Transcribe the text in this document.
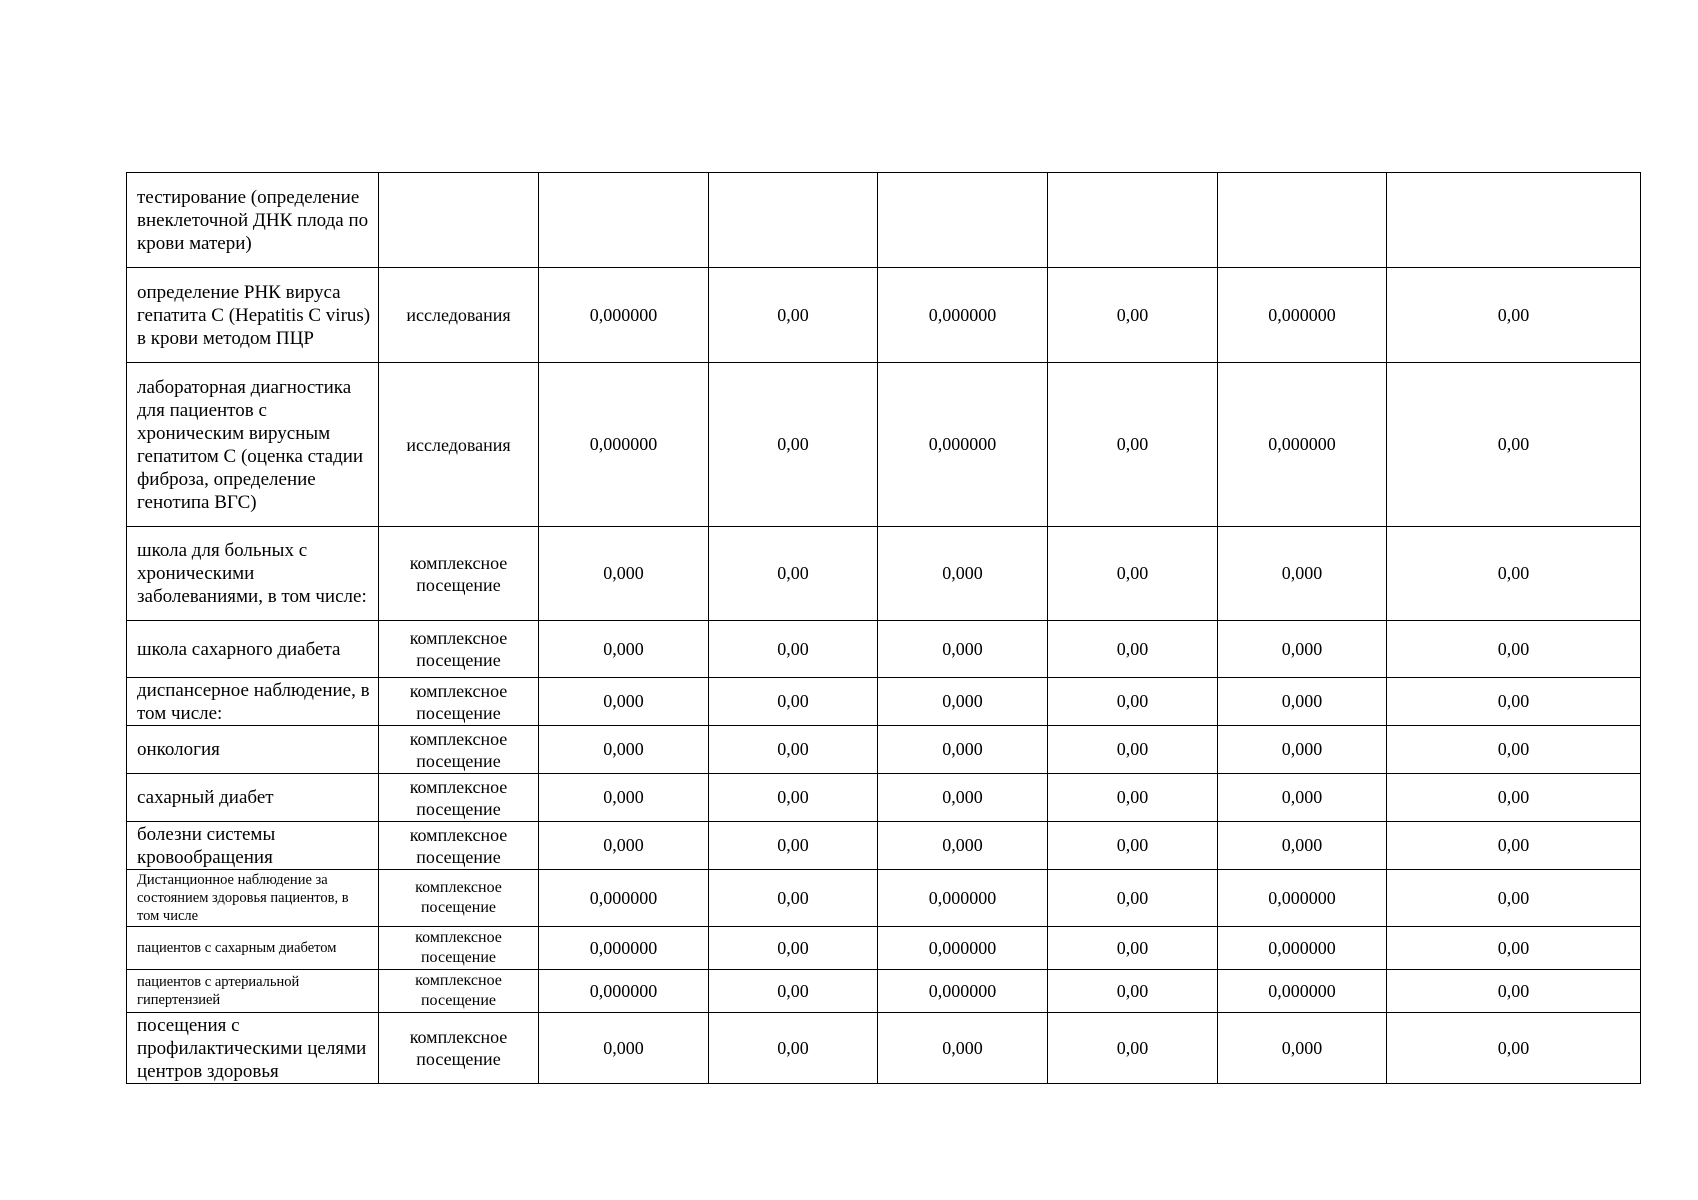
тестирование (определение внеклеточной ДНК плода по крови матери)							
определение РНК вируса гепатита С (Hepatitis C virus) в крови методом ПЦР	исследования	0,000000	0,00	0,000000	0,00	0,000000	0,00
лабораторная диагностика для пациентов с хроническим вирусным гепатитом С (оценка стадии фиброза, определение генотипа ВГС)	исследования	0,000000	0,00	0,000000	0,00	0,000000	0,00
школа для больных с хроническими заболеваниями, в том числе:	комплексное посещение	0,000	0,00	0,000	0,00	0,000	0,00
школа сахарного диабета	комплексное посещение	0,000	0,00	0,000	0,00	0,000	0,00
диспансерное наблюдение, в том числе:	комплексное посещение	0,000	0,00	0,000	0,00	0,000	0,00
онкология	комплексное посещение	0,000	0,00	0,000	0,00	0,000	0,00
сахарный диабет	комплексное посещение	0,000	0,00	0,000	0,00	0,000	0,00
болезни системы кровообращения	комплексное посещение	0,000	0,00	0,000	0,00	0,000	0,00
Дистанционное наблюдение за состоянием здоровья пациентов, в том числе	комплексное посещение	0,000000	0,00	0,000000	0,00	0,000000	0,00
пациентов с сахарным диабетом	комплексное посещение	0,000000	0,00	0,000000	0,00	0,000000	0,00
пациентов с артериальной гипертензией	комплексное посещение	0,000000	0,00	0,000000	0,00	0,000000	0,00
посещения с профилактическими целями центров здоровья	комплексное посещение	0,000	0,00	0,000	0,00	0,000	0,00
